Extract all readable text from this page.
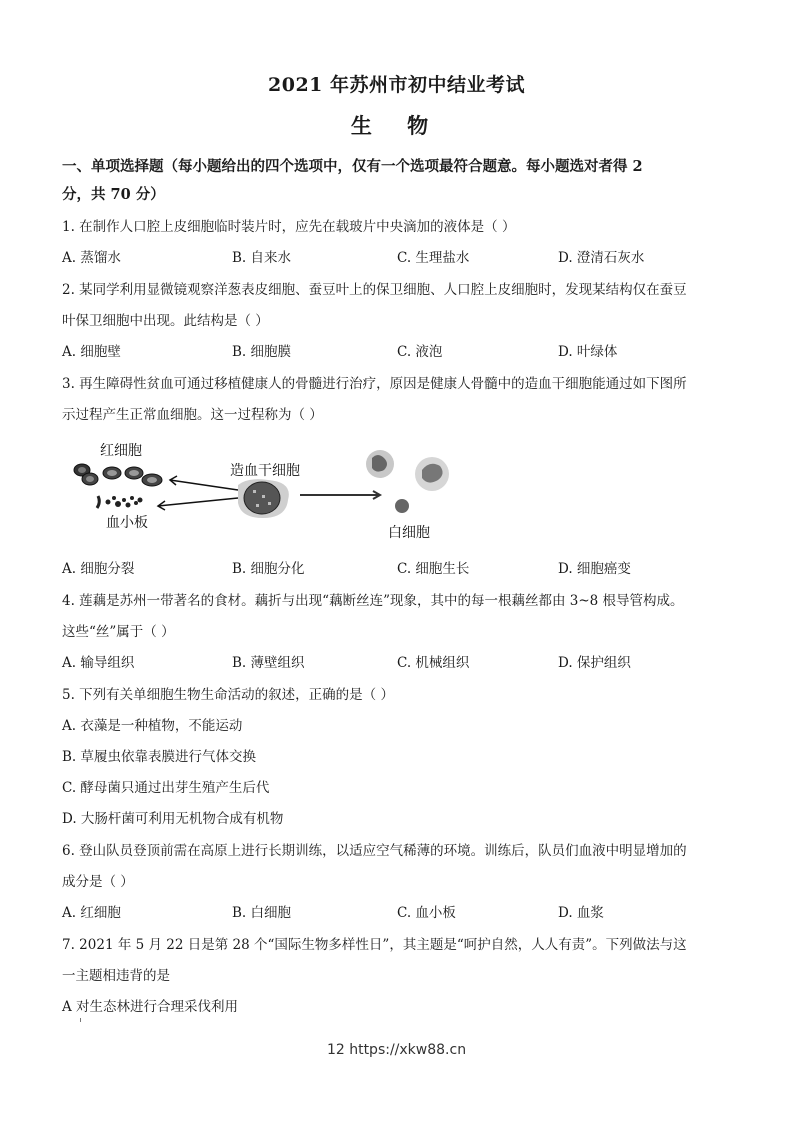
2021 年苏州市初中结业考试
生 物
一、单项选择题（每小题给出的四个选项中，仅有一个选项最符合题意。每小题选对者得 2
分，共 70 分）
1. 在制作人口腔上皮细胞临时装片时，应先在载玻片中央滴加的液体是（ ）
A. 蒸馏水	B. 自来水	C. 生理盐水	D. 澄清石灰水
2. 某同学利用显微镜观察洋葱表皮细胞、蚕豆叶上的保卫细胞、人口腔上皮细胞时，发现某结构仅在蚕豆
叶保卫细胞中出现。此结构是（ ）
A. 细胞壁	B. 细胞膜	C. 液泡	D. 叶绿体
3. 再生障碍性贫血可通过移植健康人的骨髓进行治疗，原因是健康人骨髓中的造血干细胞能通过如下图所
示过程产生正常血细胞。这一过程称为（ ）
红细胞
血小板
造血干细胞
白细胞
A. 细胞分裂	B. 细胞分化	C. 细胞生长	D. 细胞癌变
4. 莲藕是苏州一带著名的食材。藕折与出现“藕断丝连”现象，其中的每一根藕丝都由 3~8 根导管构成。
这些“丝”属于（ ）
A. 输导组织	B. 薄壁组织	C. 机械组织	D. 保护组织
5. 下列有关单细胞生物生命活动的叙述，正确的是（ ）
A. 衣藻是一种植物，不能运动
B. 草履虫依靠表膜进行气体交换
C. 酵母菌只通过出芽生殖产生后代
D. 大肠杆菌可利用无机物合成有机物
6. 登山队员登顶前需在高原上进行长期训练，以适应空气稀薄的环境。训练后，队员们血液中明显增加的
成分是（ ）
A. 红细胞	B. 白细胞	C. 血小板	D. 血浆
7. 2021 年 5 月 22 日是第 28 个“国际生物多样性日”，其主题是“呵护自然，人人有责”。下列做法与这
一主题相违背的是
A 对生态林进行合理采伐利用
12 https://xkw88.cn
